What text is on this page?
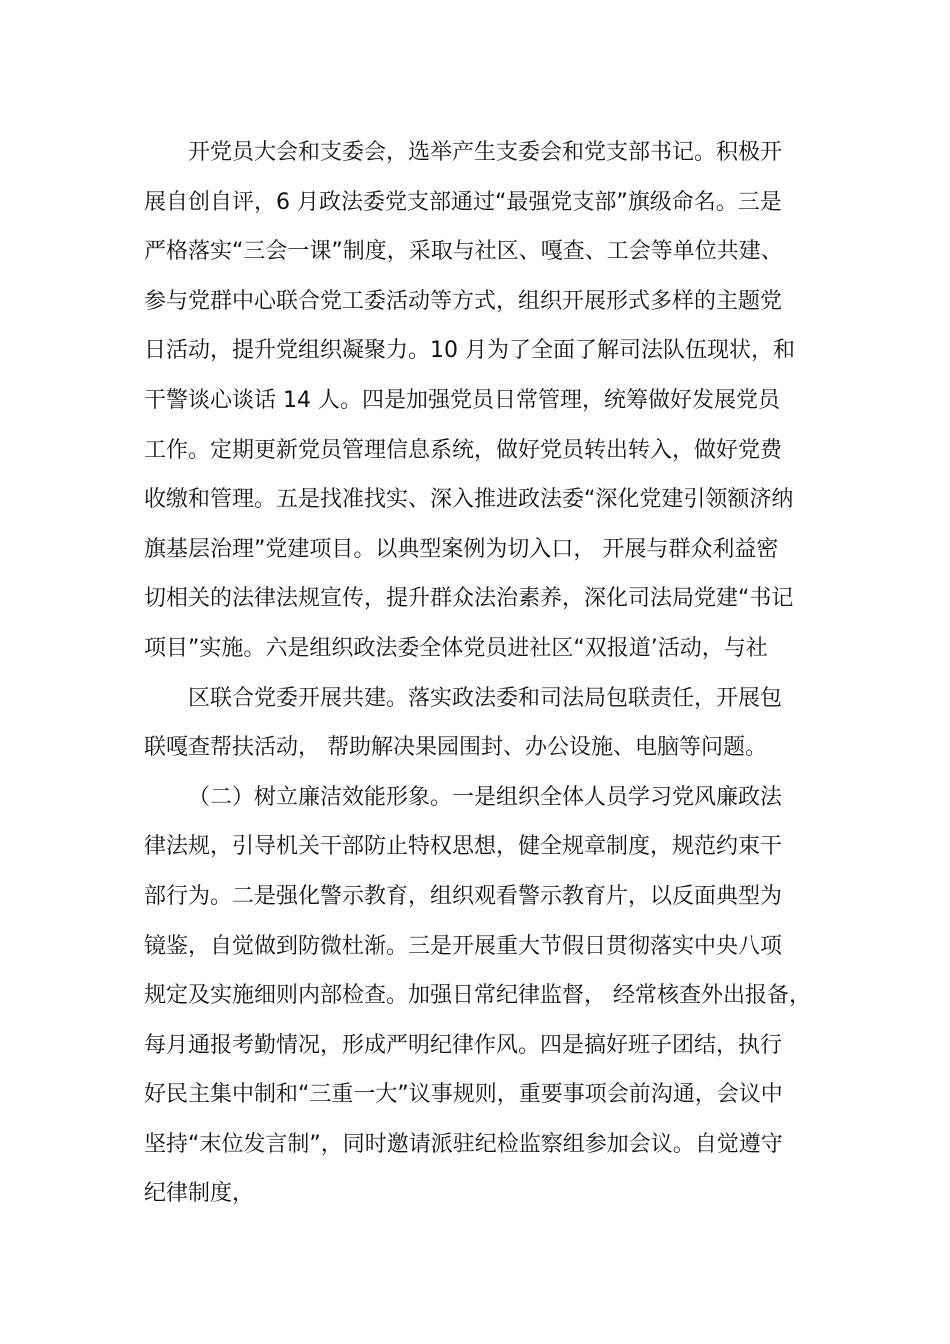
开党员大会和支委会，选举产生支委会和党支部书记。积极开
展自创自评，6 月政法委党支部通过“最强党支部”旗级命名。三是
严格落实“三会一课”制度，采取与社区、嘎查、工会等单位共建、
参与党群中心联合党工委活动等方式，组织开展形式多样的主题党
日活动，提升党组织凝聚力。10 月为了全面了解司法队伍现状，和
干警谈心谈话 14 人。四是加强党员日常管理，统筹做好发展党员
工作。定期更新党员管理信息系统，做好党员转出转入，做好党费
收缴和管理。五是找准找实、深入推进政法委“深化党建引领额济纳
旗基层治理”党建项目。以典型案例为切入口， 开展与群众利益密
切相关的法律法规宣传，提升群众法治素养，深化司法局党建“书记
项目”实施。六是组织政法委全体党员进社区“双报道’活动，与社
区联合党委开展共建。落实政法委和司法局包联责任，开展包
联嘎查帮扶活动， 帮助解决果园围封、办公设施、电脑等问题。
（二）树立廉洁效能形象。一是组织全体人员学习党风廉政法
律法规，引导机关干部防止特权思想，健全规章制度，规范约束干
部行为。二是强化警示教育，组织观看警示教育片，以反面典型为
镜鉴，自觉做到防微杜渐。三是开展重大节假日贯彻落实中央八项
规定及实施细则内部检查。加强日常纪律监督， 经常核查外出报备，
每月通报考勤情况，形成严明纪律作风。四是搞好班子团结，执行
好民主集中制和“三重一大”议事规则，重要事项会前沟通，会议中
坚持“末位发言制”，同时邀请派驻纪检监察组参加会议。自觉遵守
纪律制度，
